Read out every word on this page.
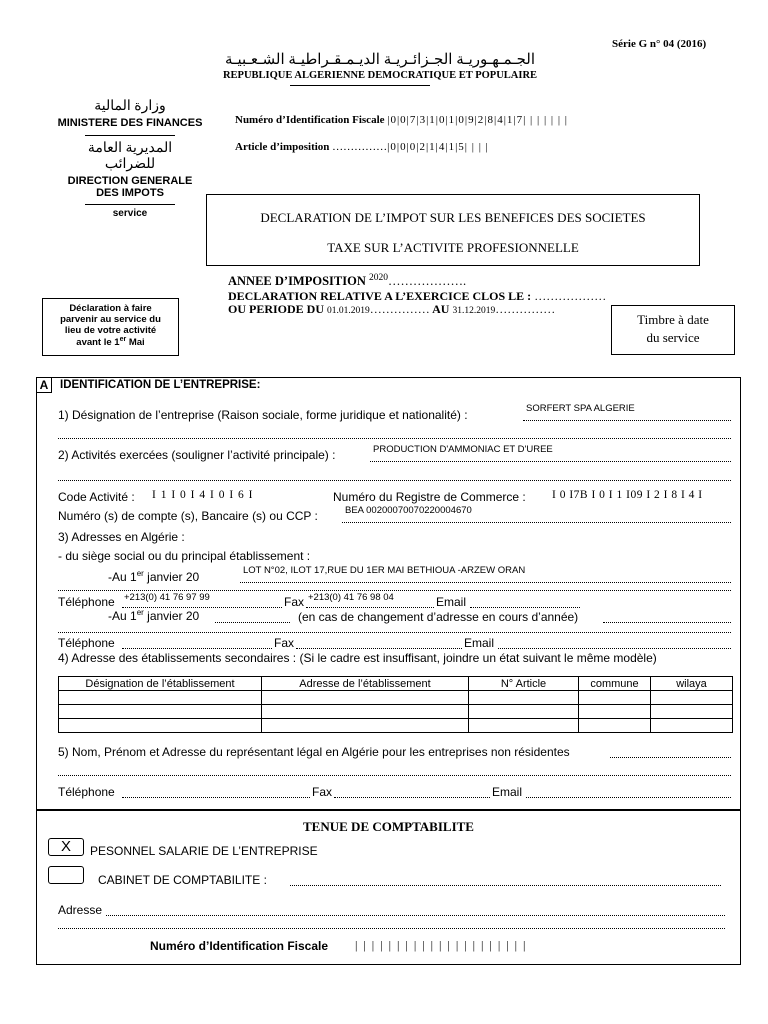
Série G n° 04 (2016)
الجـمـهـوريـة الجـزائـريـة الديـمـقـراطيـة الشـعـبيـة
REPUBLIQUE ALGERIENNE DEMOCRATIQUE ET POPULAIRE
وزارة المالية
MINISTERE DES FINANCES
المديرية العامة
للضرائب
DIRECTION GENERALE
DES IMPOTS
service
Numéro d’Identification Fiscale |0|0|7|3|1|0|1|0|9|2|8|4|1|7| | | | | | |
Article d’imposition ……………|0|0|0|2|1|4|1|5| | | |
DECLARATION DE L’IMPOT SUR LES BENEFICES DES SOCIETES
TAXE SUR L’ACTIVITE PROFESIONNELLE
ANNEE D’IMPOSITION $^{2020}$……………….
DECLARATION RELATIVE A L’EXERCICE CLOS LE : ………………
OU PERIODE DU 01.01.2019…………… AU 31.12.2019……………
Déclaration à faire
parvenir au service du
lieu de votre activité
avant le 1er Mai
Timbre à date
du service
A	IDENTIFICATION DE L’ENTREPRISE:
1) Désignation de l’entreprise (Raison sociale, forme juridique et nationalité) :	SORFERT SPA ALGERIE
2) Activités exercées (souligner l’activité principale) :	PRODUCTION D'AMMONIAC ET D'UREE
Code Activité : I 1 I 0 I 4 I 0 I 6 I	Numéro du Registre de Commerce : I 0 I7B I 0 I 1 I09 I 2 I 8 I 4 I
Numéro (s) de compte (s), Bancaire (s) ou CCP :	BEA 00200070070220004670
3) Adresses en Algérie :
- du siège social ou du principal établissement :
-Au 1er janvier 20	LOT N°02, ILOT 17,RUE DU 1ER MAI BETHIOUA -ARZEW ORAN
Téléphone +213(0) 41 76 97 99	Fax +213(0) 41 76 98 04	Email
-Au 1er janvier 20	(en cas de changement d’adresse en cours d’année)
Téléphone	Fax	Email
4) Adresse des établissements secondaires : (Si le cadre est insuffisant, joindre un état suivant le même modèle)
Désignation de l’établissement	Adresse de l’établissement	N° Article	commune	wilaya

5) Nom, Prénom et Adresse du représentant légal en Algérie pour les entreprises non résidentes
Téléphone	Fax	Email
TENUE DE COMPTABILITE
X	PESONNEL SALARIE DE L’ENTREPRISE
CABINET DE COMPTABILITE :
Adresse
Numéro d’Identification Fiscale | | | | | | | | | | | | | | | | | | | | |
